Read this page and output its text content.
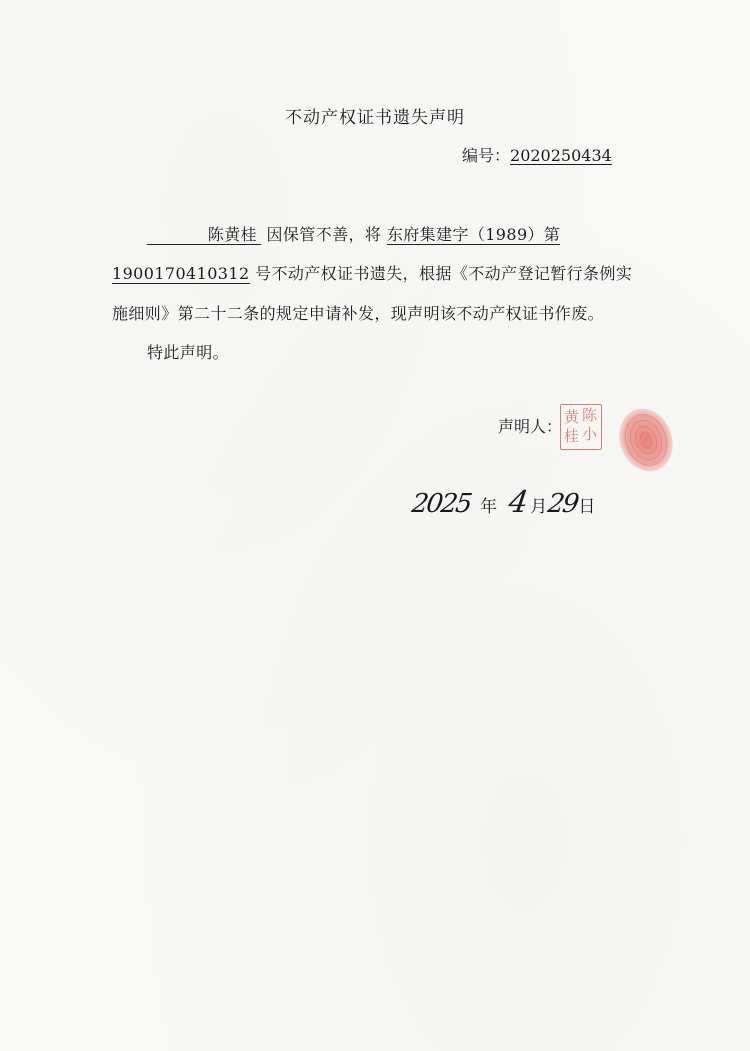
不动产权证书遗失声明
编号：2020250434
陈黄桂 因保管不善，将 东府集建字（1989）第
1900170410312 号不动产权证书遗失，根据《不动产登记暂行条例实
施细则》第二十二条的规定申请补发，现声明该不动产权证书作废。
特此声明。
声明人：
陈
小
黄
桂
2025 年 4月29日
